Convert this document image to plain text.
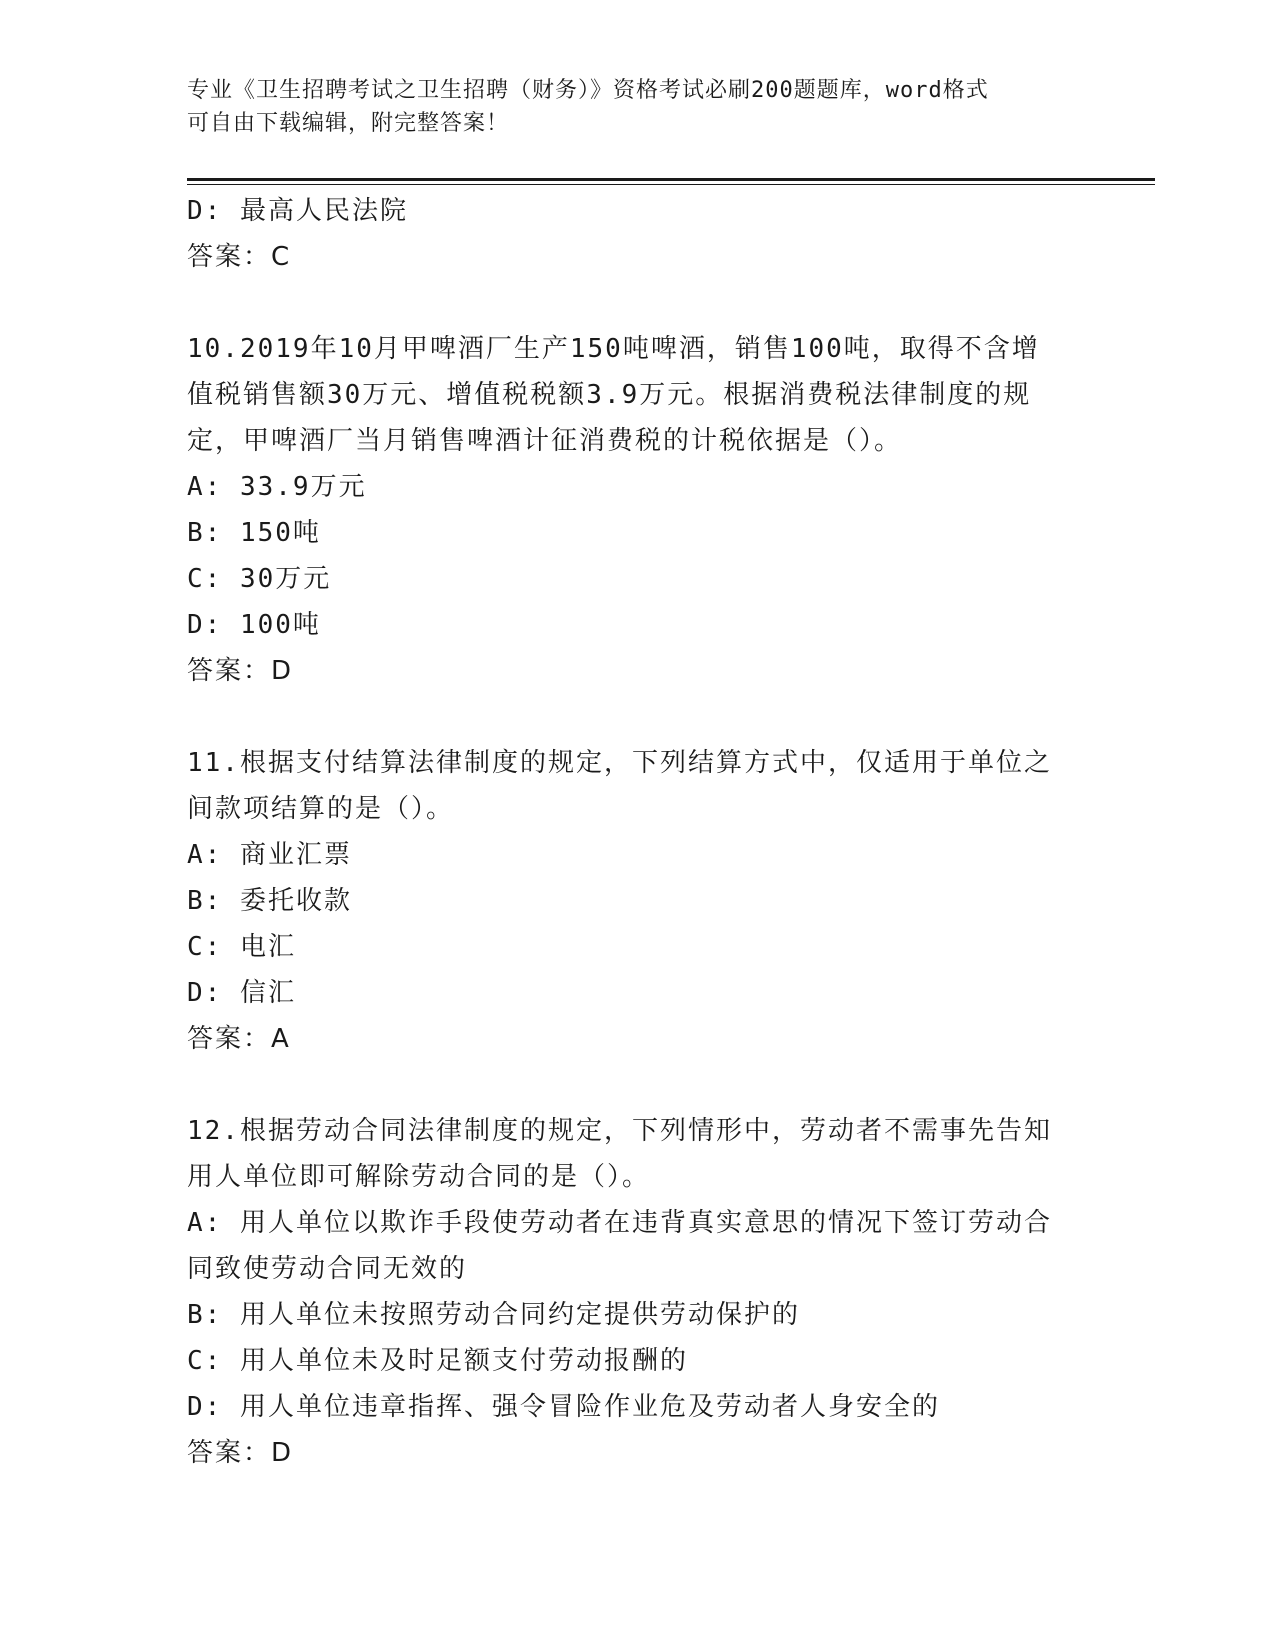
专业《卫生招聘考试之卫生招聘（财务）》资格考试必刷200题题库，word格式
可自由下载编辑，附完整答案！
D: 最高人民法院
答案：C
10.2019年10月甲啤酒厂生产150吨啤酒，销售100吨，取得不含增
值税销售额30万元、增值税税额3.9万元。根据消费税法律制度的规
定，甲啤酒厂当月销售啤酒计征消费税的计税依据是（）。
A: 33.9万元
B: 150吨
C: 30万元
D: 100吨
答案：D
11.根据支付结算法律制度的规定，下列结算方式中，仅适用于单位之
间款项结算的是（）。
A: 商业汇票
B: 委托收款
C: 电汇
D: 信汇
答案：A
12.根据劳动合同法律制度的规定，下列情形中，劳动者不需事先告知
用人单位即可解除劳动合同的是（）。
A: 用人单位以欺诈手段使劳动者在违背真实意思的情况下签订劳动合
同致使劳动合同无效的
B: 用人单位未按照劳动合同约定提供劳动保护的
C: 用人单位未及时足额支付劳动报酬的
D: 用人单位违章指挥、强令冒险作业危及劳动者人身安全的
答案：D
